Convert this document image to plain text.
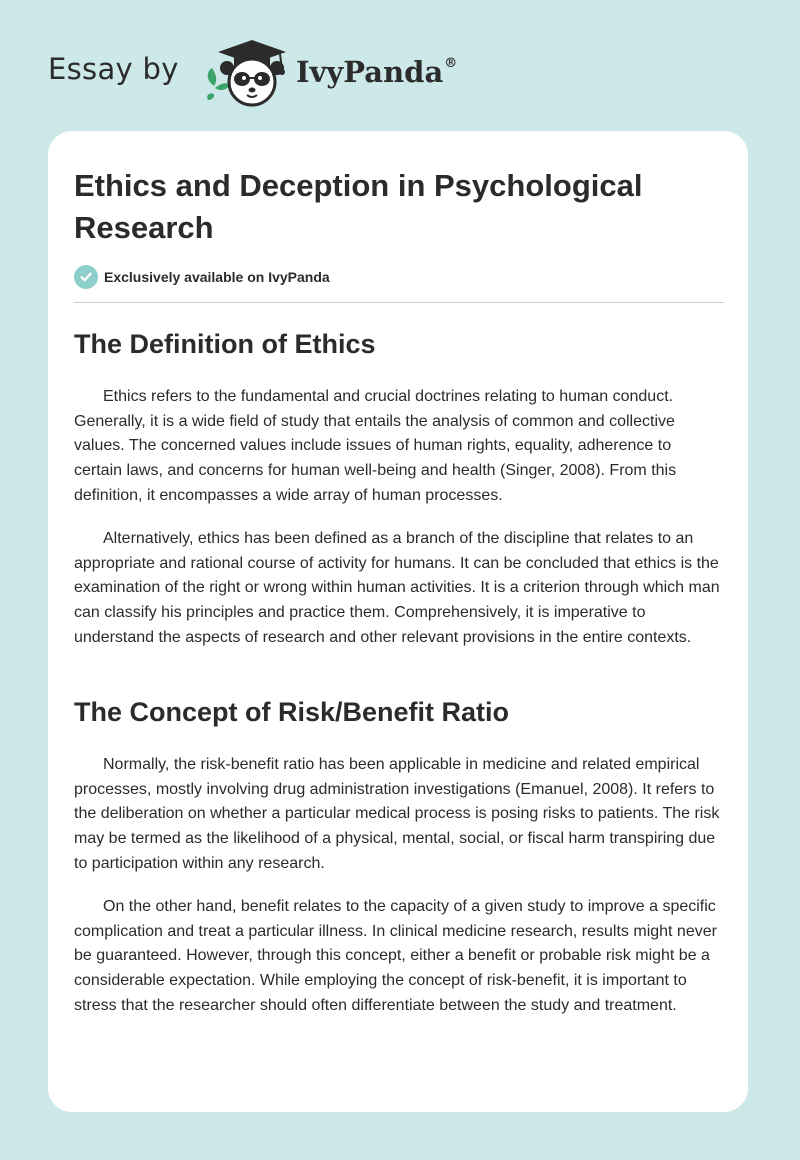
Essay by	IvyPanda®
Ethics and Deception in Psychological Research
Exclusively available on IvyPanda
The Definition of Ethics

Ethics refers to the fundamental and crucial doctrines relating to human conduct. Generally, it is a wide field of study that entails the analysis of common and collective values. The concerned values include issues of human rights, equality, adherence to certain laws, and concerns for human well-being and health (Singer, 2008). From this definition, it encompasses a wide array of human processes.

Alternatively, ethics has been defined as a branch of the discipline that relates to an appropriate and rational course of activity for humans. It can be concluded that ethics is the examination of the right or wrong within human activities. It is a criterion through which man can classify his principles and practice them. Comprehensively, it is imperative to understand the aspects of research and other relevant provisions in the entire contexts.

The Concept of Risk/Benefit Ratio

Normally, the risk-benefit ratio has been applicable in medicine and related empirical processes, mostly involving drug administration investigations (Emanuel, 2008). It refers to the deliberation on whether a particular medical process is posing risks to patients. The risk may be termed as the likelihood of a physical, mental, social, or fiscal harm transpiring due to participation within any research.

On the other hand, benefit relates to the capacity of a given study to improve a specific complication and treat a particular illness. In clinical medicine research, results might never be guaranteed. However, through this concept, either a benefit or probable risk might be a considerable expectation. While employing the concept of risk-benefit, it is important to stress that the researcher should often differentiate between the study and treatment.
